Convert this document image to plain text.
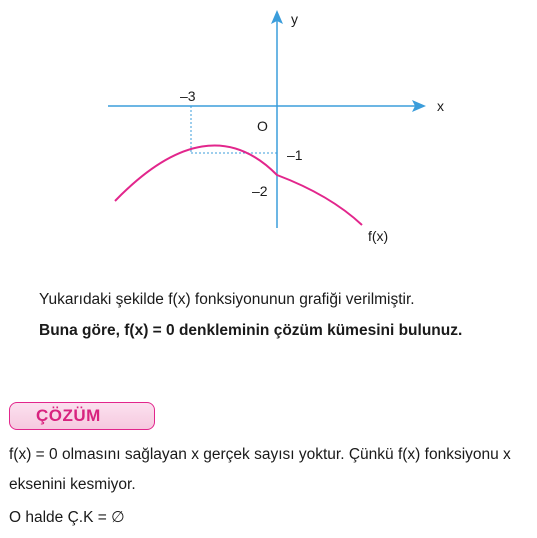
y
x
–3
O
–1
–2
f(x)
Yukarıdaki şekilde f(x) fonksiyonunun grafiği verilmiştir.
Buna göre, f(x) = 0 denkleminin çözüm kümesini bulunuz.
ÇÖZÜM
f(x) = 0 olmasını sağlayan x gerçek sayısı yoktur. Çünkü f(x) fonksiyonu x eksenini kesmiyor.
O halde Ç.K = ∅
